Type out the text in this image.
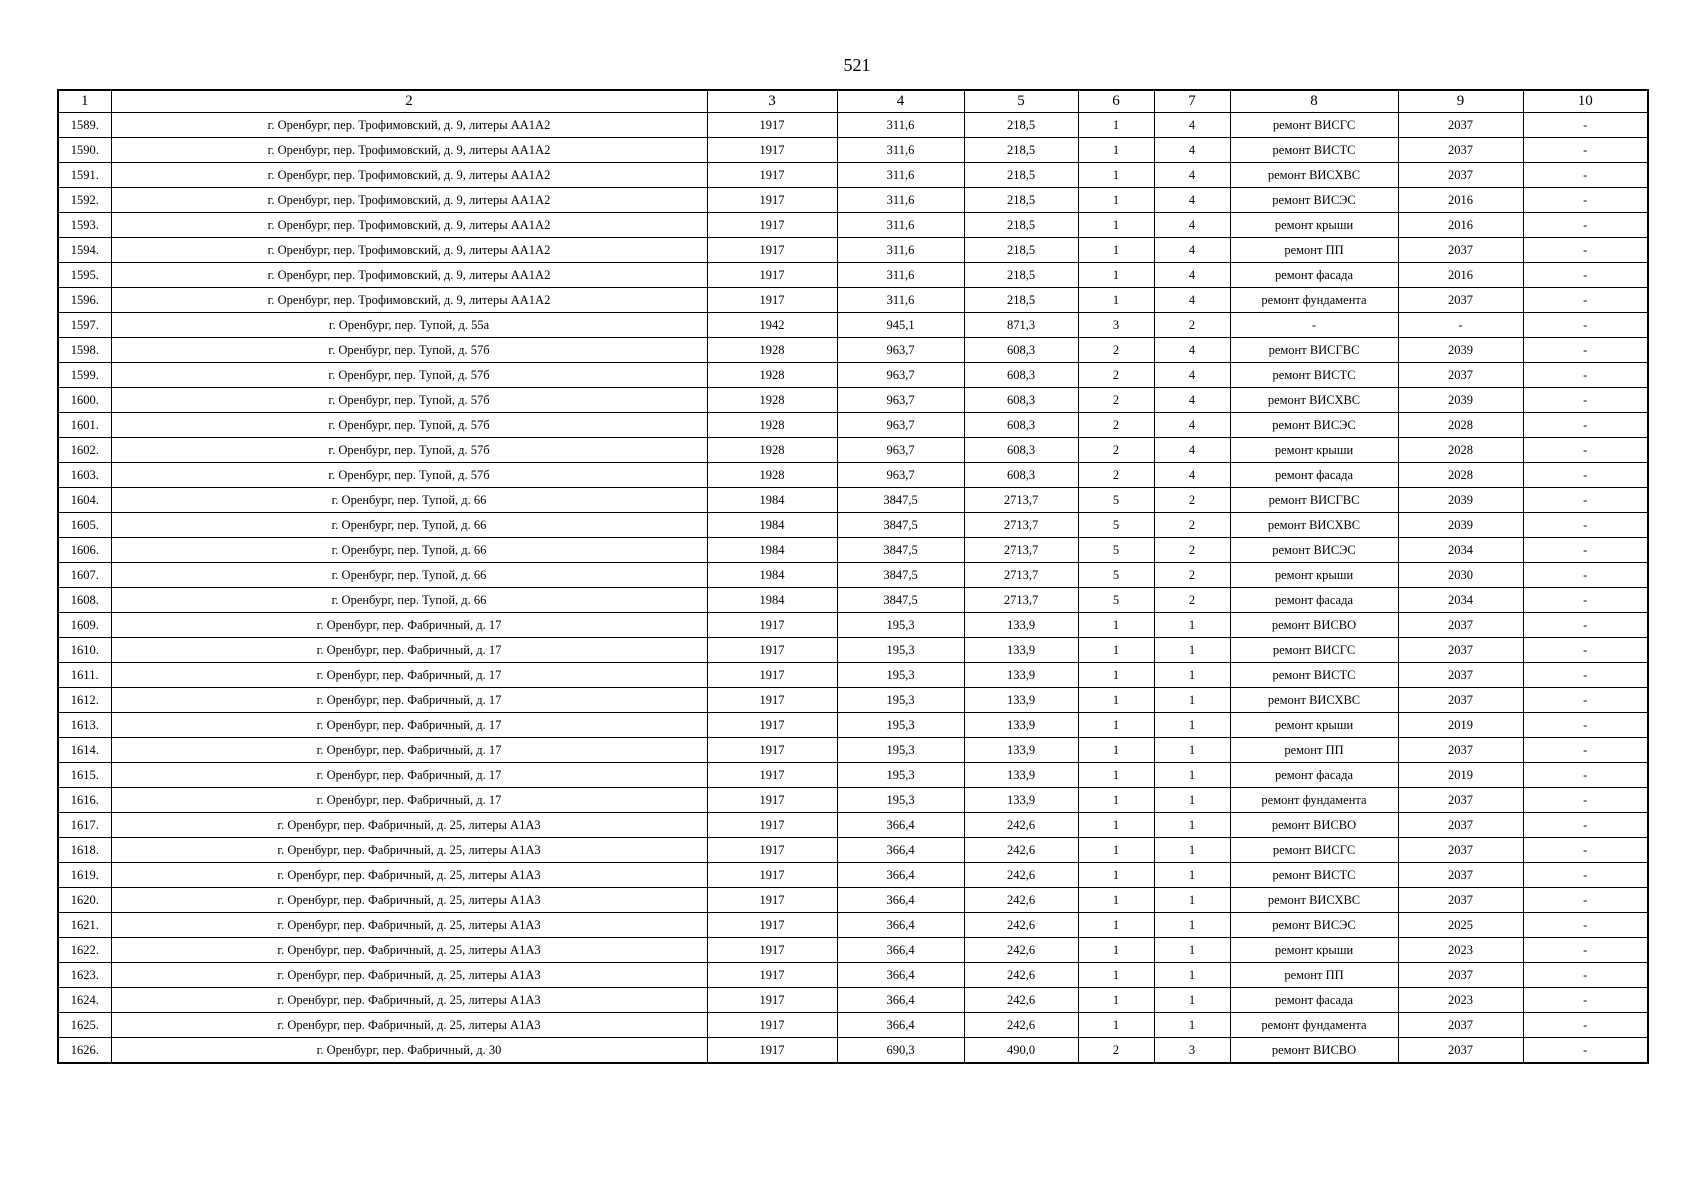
521
1	2	3	4	5	6	7	8	9	10
1589.	г. Оренбург, пер. Трофимовский, д. 9, литеры АА1А2	1917	311,6	218,5	1	4	ремонт ВИСГС	2037	-
1590.	г. Оренбург, пер. Трофимовский, д. 9, литеры АА1А2	1917	311,6	218,5	1	4	ремонт ВИСТС	2037	-
1591.	г. Оренбург, пер. Трофимовский, д. 9, литеры АА1А2	1917	311,6	218,5	1	4	ремонт ВИСХВС	2037	-
1592.	г. Оренбург, пер. Трофимовский, д. 9, литеры АА1А2	1917	311,6	218,5	1	4	ремонт ВИСЭС	2016	-
1593.	г. Оренбург, пер. Трофимовский, д. 9, литеры АА1А2	1917	311,6	218,5	1	4	ремонт крыши	2016	-
1594.	г. Оренбург, пер. Трофимовский, д. 9, литеры АА1А2	1917	311,6	218,5	1	4	ремонт ПП	2037	-
1595.	г. Оренбург, пер. Трофимовский, д. 9, литеры АА1А2	1917	311,6	218,5	1	4	ремонт фасада	2016	-
1596.	г. Оренбург, пер. Трофимовский, д. 9, литеры АА1А2	1917	311,6	218,5	1	4	ремонт фундамента	2037	-
1597.	г. Оренбург, пер. Тупой, д. 55а	1942	945,1	871,3	3	2	-	-	-
1598.	г. Оренбург, пер. Тупой, д. 57б	1928	963,7	608,3	2	4	ремонт ВИСГВС	2039	-
1599.	г. Оренбург, пер. Тупой, д. 57б	1928	963,7	608,3	2	4	ремонт ВИСТС	2037	-
1600.	г. Оренбург, пер. Тупой, д. 57б	1928	963,7	608,3	2	4	ремонт ВИСХВС	2039	-
1601.	г. Оренбург, пер. Тупой, д. 57б	1928	963,7	608,3	2	4	ремонт ВИСЭС	2028	-
1602.	г. Оренбург, пер. Тупой, д. 57б	1928	963,7	608,3	2	4	ремонт крыши	2028	-
1603.	г. Оренбург, пер. Тупой, д. 57б	1928	963,7	608,3	2	4	ремонт фасада	2028	-
1604.	г. Оренбург, пер. Тупой, д. 66	1984	3847,5	2713,7	5	2	ремонт ВИСГВС	2039	-
1605.	г. Оренбург, пер. Тупой, д. 66	1984	3847,5	2713,7	5	2	ремонт ВИСХВС	2039	-
1606.	г. Оренбург, пер. Тупой, д. 66	1984	3847,5	2713,7	5	2	ремонт ВИСЭС	2034	-
1607.	г. Оренбург, пер. Тупой, д. 66	1984	3847,5	2713,7	5	2	ремонт крыши	2030	-
1608.	г. Оренбург, пер. Тупой, д. 66	1984	3847,5	2713,7	5	2	ремонт фасада	2034	-
1609.	г. Оренбург, пер. Фабричный, д. 17	1917	195,3	133,9	1	1	ремонт ВИСВО	2037	-
1610.	г. Оренбург, пер. Фабричный, д. 17	1917	195,3	133,9	1	1	ремонт ВИСГС	2037	-
1611.	г. Оренбург, пер. Фабричный, д. 17	1917	195,3	133,9	1	1	ремонт ВИСТС	2037	-
1612.	г. Оренбург, пер. Фабричный, д. 17	1917	195,3	133,9	1	1	ремонт ВИСХВС	2037	-
1613.	г. Оренбург, пер. Фабричный, д. 17	1917	195,3	133,9	1	1	ремонт крыши	2019	-
1614.	г. Оренбург, пер. Фабричный, д. 17	1917	195,3	133,9	1	1	ремонт ПП	2037	-
1615.	г. Оренбург, пер. Фабричный, д. 17	1917	195,3	133,9	1	1	ремонт фасада	2019	-
1616.	г. Оренбург, пер. Фабричный, д. 17	1917	195,3	133,9	1	1	ремонт фундамента	2037	-
1617.	г. Оренбург, пер. Фабричный, д. 25, литеры А1А3	1917	366,4	242,6	1	1	ремонт ВИСВО	2037	-
1618.	г. Оренбург, пер. Фабричный, д. 25, литеры А1А3	1917	366,4	242,6	1	1	ремонт ВИСГС	2037	-
1619.	г. Оренбург, пер. Фабричный, д. 25, литеры А1А3	1917	366,4	242,6	1	1	ремонт ВИСТС	2037	-
1620.	г. Оренбург, пер. Фабричный, д. 25, литеры А1А3	1917	366,4	242,6	1	1	ремонт ВИСХВС	2037	-
1621.	г. Оренбург, пер. Фабричный, д. 25, литеры А1А3	1917	366,4	242,6	1	1	ремонт ВИСЭС	2025	-
1622.	г. Оренбург, пер. Фабричный, д. 25, литеры А1А3	1917	366,4	242,6	1	1	ремонт крыши	2023	-
1623.	г. Оренбург, пер. Фабричный, д. 25, литеры А1А3	1917	366,4	242,6	1	1	ремонт ПП	2037	-
1624.	г. Оренбург, пер. Фабричный, д. 25, литеры А1А3	1917	366,4	242,6	1	1	ремонт фасада	2023	-
1625.	г. Оренбург, пер. Фабричный, д. 25, литеры А1А3	1917	366,4	242,6	1	1	ремонт фундамента	2037	-
1626.	г. Оренбург, пер. Фабричный, д. 30	1917	690,3	490,0	2	3	ремонт ВИСВО	2037	-
